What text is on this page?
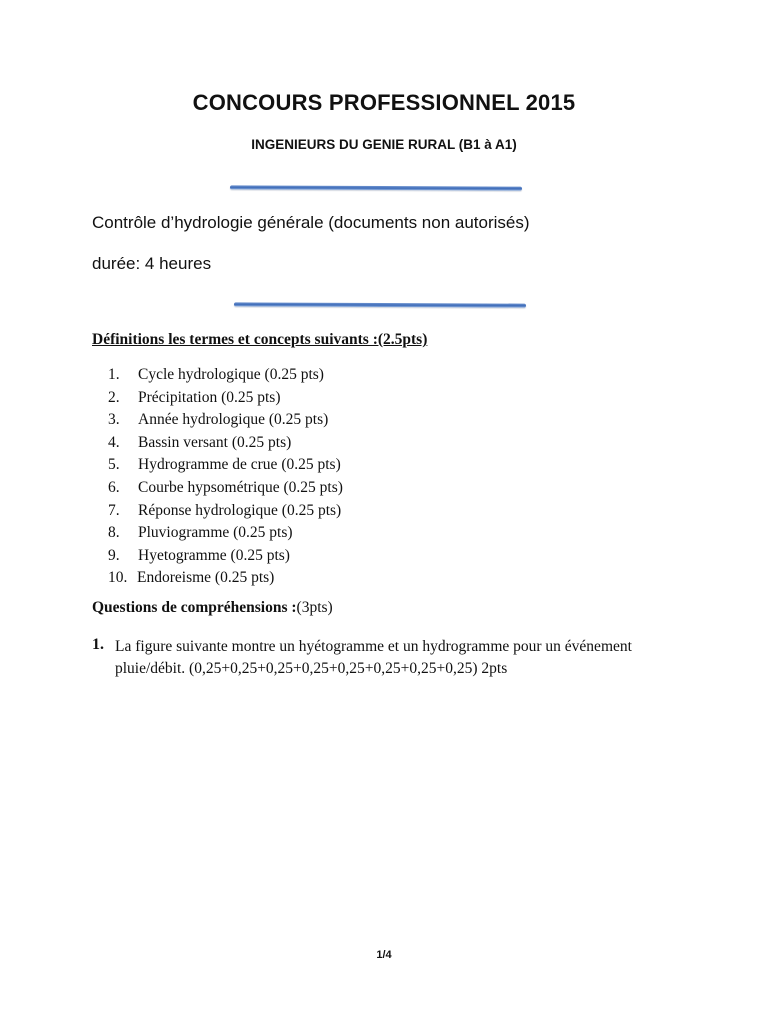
CONCOURS PROFESSIONNEL 2015
INGENIEURS DU GENIE RURAL (B1 à A1)
Contrôle d’hydrologie générale (documents non autorisés)
durée: 4 heures
Définitions les termes et concepts suivants :(2.5pts)
1. Cycle hydrologique (0.25 pts)
2. Précipitation (0.25 pts)
3. Année hydrologique (0.25 pts)
4. Bassin versant (0.25 pts)
5. Hydrogramme de crue (0.25 pts)
6. Courbe hypsométrique (0.25 pts)
7. Réponse hydrologique (0.25 pts)
8. Pluviogramme (0.25 pts)
9. Hyetogramme (0.25 pts)
10. Endoreisme (0.25 pts)
Questions de compréhensions :(3pts)
1. La figure suivante montre un hyétogramme et un hydrogramme pour un événement pluie/débit. (0,25+0,25+0,25+0,25+0,25+0,25+0,25+0,25) 2pts
1/4
